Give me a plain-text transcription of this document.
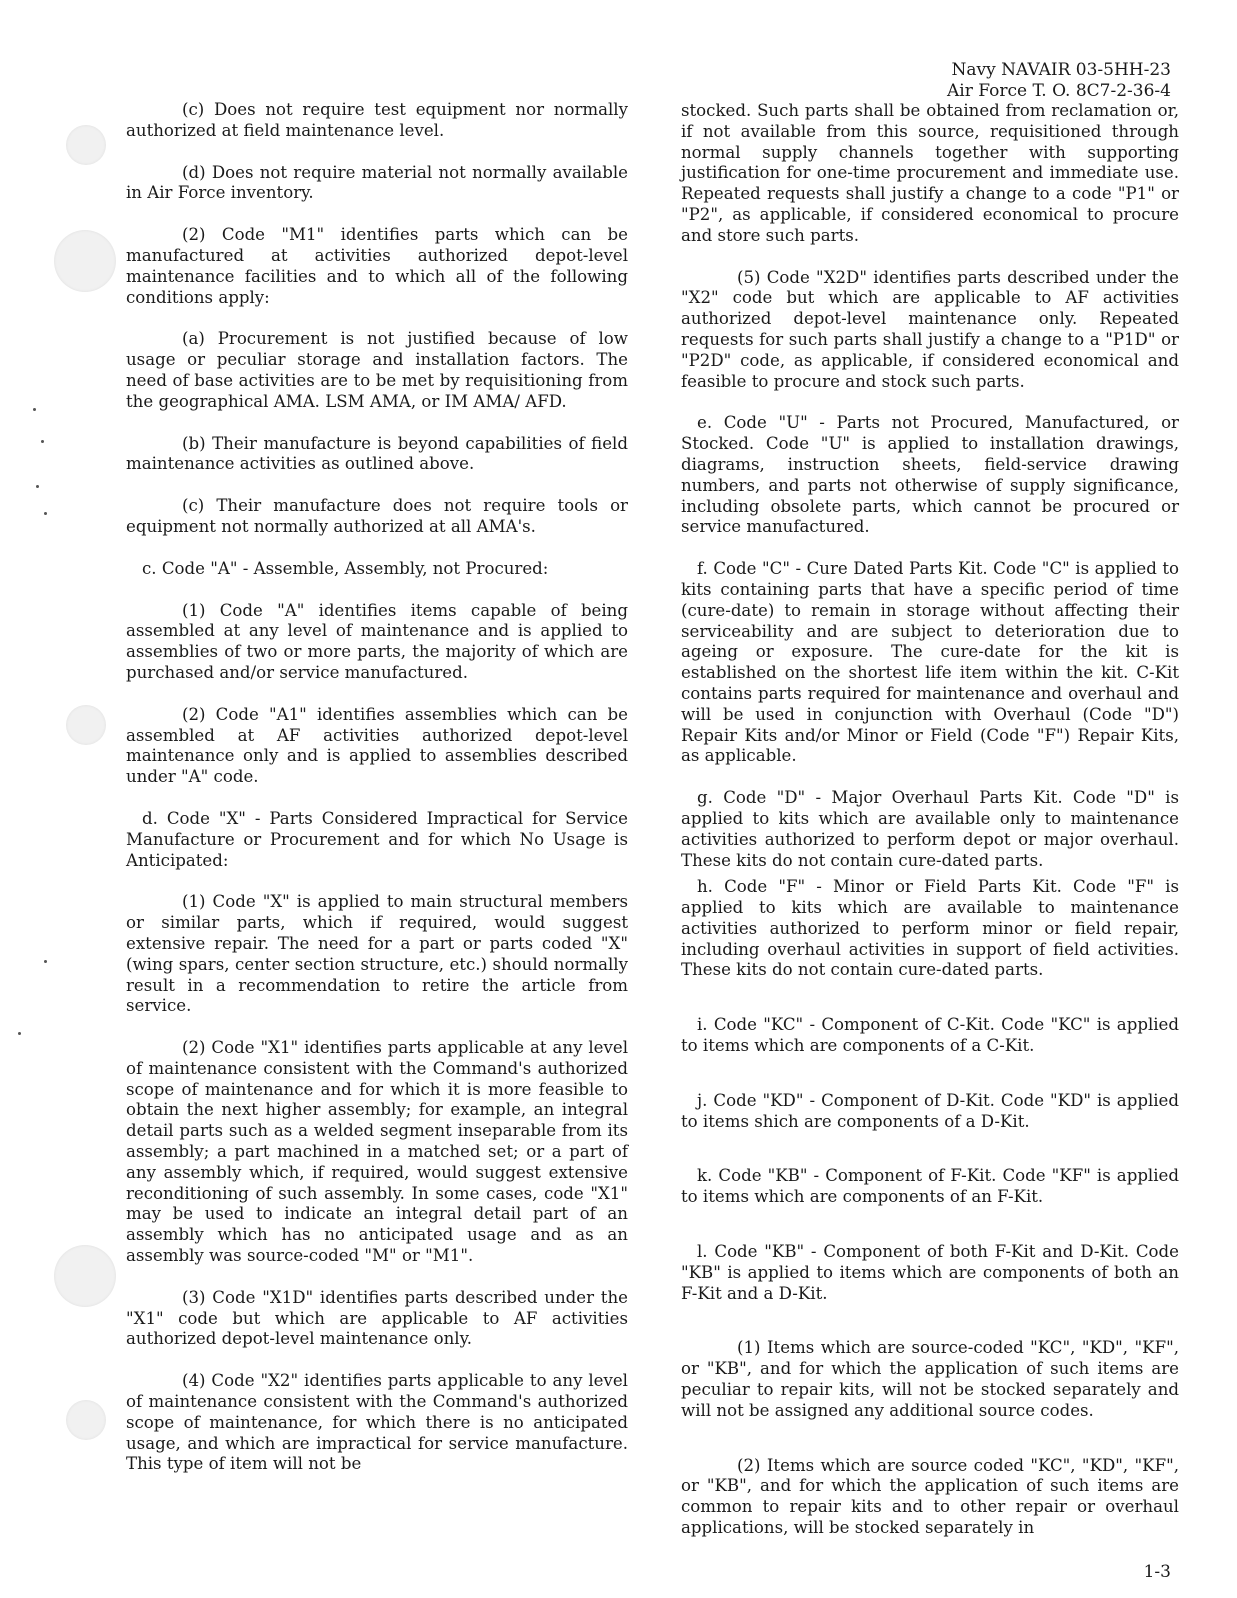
Navy NAVAIR 03-5HH-23
Air Force T. O. 8C7-2-36-4

(c) Does not require test equipment nor normally authorized at field maintenance level.

(d) Does not require material not normally available in Air Force inventory.

(2) Code "M1" identifies parts which can be manufactured at activities authorized depot-level maintenance facilities and to which all of the following conditions apply:

(a) Procurement is not justified because of low usage or peculiar storage and installation factors. The need of base activities are to be met by requisitioning from the geographical AMA. LSM AMA, or IM AMA/ AFD.

(b) Their manufacture is beyond capabilities of field maintenance activities as outlined above.

(c) Their manufacture does not require tools or equipment not normally authorized at all AMA's.

c. Code "A" - Assemble, Assembly, not Procured:

(1) Code "A" identifies items capable of being assembled at any level of maintenance and is applied to assemblies of two or more parts, the majority of which are purchased and/or service manufactured.

(2) Code "A1" identifies assemblies which can be assembled at AF activities authorized depot-level maintenance only and is applied to assemblies described under "A" code.

d. Code "X" - Parts Considered Impractical for Service Manufacture or Procurement and for which No Usage is Anticipated:

(1) Code "X" is applied to main structural members or similar parts, which if required, would suggest extensive repair. The need for a part or parts coded "X" (wing spars, center section structure, etc.) should normally result in a recommendation to retire the article from service.

(2) Code "X1" identifies parts applicable at any level of maintenance consistent with the Command's authorized scope of maintenance and for which it is more feasible to obtain the next higher assembly; for example, an integral detail parts such as a welded segment inseparable from its assembly; a part machined in a matched set; or a part of any assembly which, if required, would suggest extensive reconditioning of such assembly. In some cases, code "X1" may be used to indicate an integral detail part of an assembly which has no anticipated usage and as an assembly was source-coded "M" or "M1".

(3) Code "X1D" identifies parts described under the "X1" code but which are applicable to AF activities authorized depot-level maintenance only.

(4) Code "X2" identifies parts applicable to any level of maintenance consistent with the Command's authorized scope of maintenance, for which there is no anticipated usage, and which are impractical for service manufacture. This type of item will not be

stocked. Such parts shall be obtained from reclamation or, if not available from this source, requisitioned through normal supply channels together with supporting justification for one-time procurement and immediate use. Repeated requests shall justify a change to a code "P1" or "P2", as applicable, if considered economical to procure and store such parts.

(5) Code "X2D" identifies parts described under the "X2" code but which are applicable to AF activities authorized depot-level maintenance only. Repeated requests for such parts shall justify a change to a "P1D" or "P2D" code, as applicable, if considered economical and feasible to procure and stock such parts.

e. Code "U" - Parts not Procured, Manufactured, or Stocked. Code "U" is applied to installation drawings, diagrams, instruction sheets, field-service drawing numbers, and parts not otherwise of supply significance, including obsolete parts, which cannot be procured or service manufactured.

f. Code "C" - Cure Dated Parts Kit. Code "C" is applied to kits containing parts that have a specific period of time (cure-date) to remain in storage without affecting their serviceability and are subject to deterioration due to ageing or exposure. The cure-date for the kit is established on the shortest life item within the kit. C-Kit contains parts required for maintenance and overhaul and will be used in conjunction with Overhaul (Code "D") Repair Kits and/or Minor or Field (Code "F") Repair Kits, as applicable.

g. Code "D" - Major Overhaul Parts Kit. Code "D" is applied to kits which are available only to maintenance activities authorized to perform depot or major overhaul. These kits do not contain cure-dated parts.

h. Code "F" - Minor or Field Parts Kit. Code "F" is applied to kits which are available to maintenance activities authorized to perform minor or field repair, including overhaul activities in support of field activities. These kits do not contain cure-dated parts.

i. Code "KC" - Component of C-Kit. Code "KC" is applied to items which are components of a C-Kit.

j. Code "KD" - Component of D-Kit. Code "KD" is applied to items shich are components of a D-Kit.

k. Code "KB" - Component of F-Kit. Code "KF" is applied to items which are components of an F-Kit.

l. Code "KB" - Component of both F-Kit and D-Kit. Code "KB" is applied to items which are components of both an F-Kit and a D-Kit.

(1) Items which are source-coded "KC", "KD", "KF", or "KB", and for which the application of such items are peculiar to repair kits, will not be stocked separately and will not be assigned any additional source codes.

(2) Items which are source coded "KC", "KD", "KF", or "KB", and for which the application of such items are common to repair kits and to other repair or overhaul applications, will be stocked separately in

1-3
